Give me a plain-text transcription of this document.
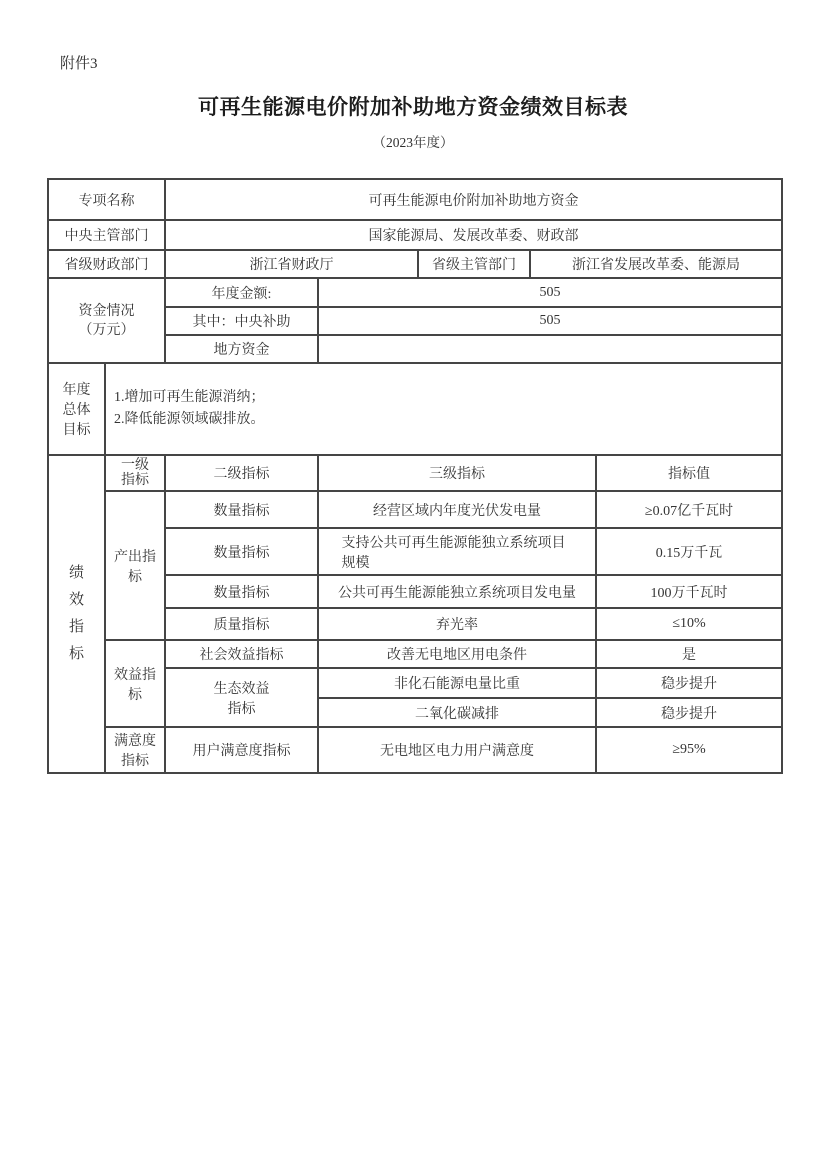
附件3
可再生能源电价附加补助地方资金绩效目标表
（2023年度）
专项名称		可再生能源电价附加补助地方资金				
中央主管部门		国家能源局、发展改革委、财政部				
省级财政部门		浙江省财政厅		省级主管部门	浙江省发展改革委、能源局	

资金情况
（万元）		年度金额:	505			
		其中：中央补助	505			
		地方资金				
年度总体目标	1.增加可再生能源消纳；
2.降低能源领域碳排放。					

绩效指标	一级指标	二级指标	三级指标			指标值
	产出指标	数量指标	经营区域内年度光伏发电量			≥0.07亿千瓦时
		数量指标	支持公共可再生能源能独立系统项目规模			0.15万千瓦
		数量指标	公共可再生能源能独立系统项目发电量			100万千瓦时
		质量指标	弃光率			≤10%
	效益指标	社会效益指标	改善无电地区用电条件			是
		生态效益指标	非化石能源电量比重			稳步提升
			二氧化碳减排			稳步提升
	满意度指标	用户满意度指标	无电地区电力用户满意度			≥95%
